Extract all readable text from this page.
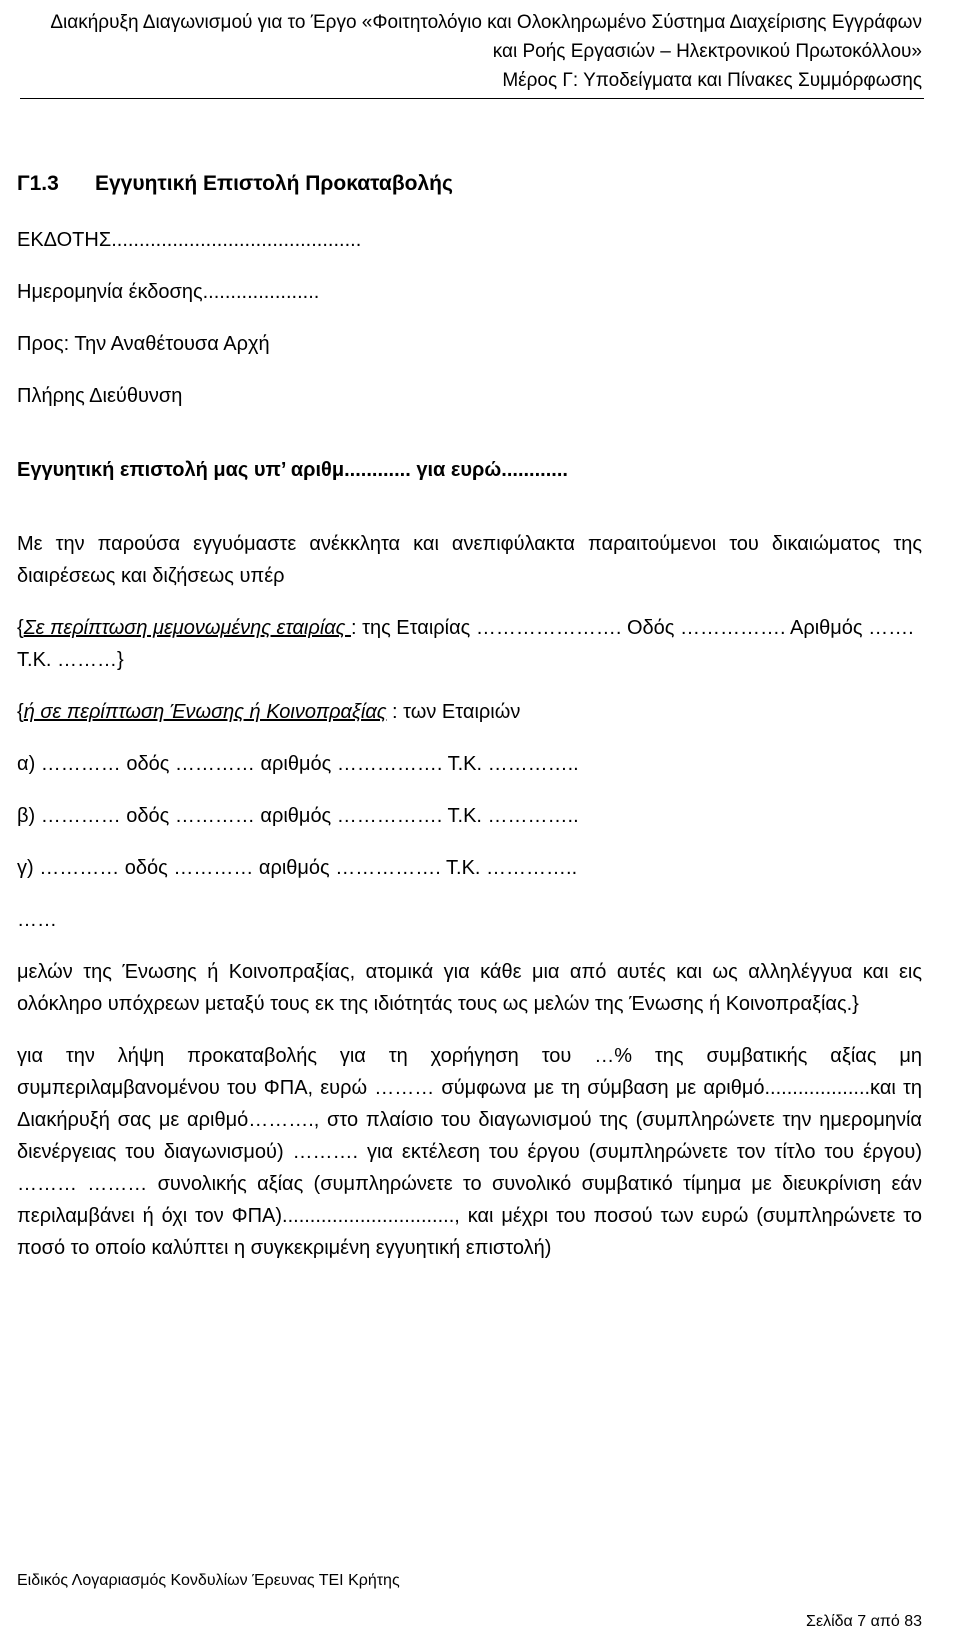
Διακήρυξη Διαγωνισμού για το Έργο «Φοιτητολόγιο και Ολοκληρωμένο Σύστημα Διαχείρισης Εγγράφων
και Ροής Εργασιών – Ηλεκτρονικού Πρωτοκόλλου»
Μέρος Γ: Υποδείγματα και Πίνακες Συμμόρφωσης
Γ1.3 Εγγυητική Επιστολή Προκαταβολής
ΕΚΔΟΤΗΣ.............................................
Ημερομηνία έκδοσης.....................
Προς: Την Αναθέτουσα Αρχή
Πλήρης Διεύθυνση
Εγγυητική επιστολή μας υπ’ αριθμ............ για ευρώ............
Με την παρούσα εγγυόμαστε ανέκκλητα και ανεπιφύλακτα παραιτούμενοι του δικαιώματος της διαιρέσεως και διζήσεως υπέρ
{Σε περίπτωση μεμονωμένης εταιρίας : της Εταιρίας …………………. Οδός ……………. Αριθμός ……. Τ.Κ. ………}
{ή σε περίπτωση Ένωσης ή Κοινοπραξίας : των Εταιριών
α) ………… οδός ………… αριθμός ……………. Τ.Κ. …………..
β) ………… οδός ………… αριθμός ……………. Τ.Κ. …………..
γ) ………… οδός ………… αριθμός ……………. Τ.Κ. …………..
……
μελών της Ένωσης ή Κοινοπραξίας, ατομικά για κάθε μια από αυτές και ως αλληλέγγυα και εις ολόκληρο υπόχρεων μεταξύ τους εκ της ιδιότητάς τους ως μελών της Ένωσης ή Κοινοπραξίας.}
για την λήψη προκαταβολής για τη χορήγηση του …% της συμβατικής αξίας μη συμπεριλαμβανομένου του ΦΠΑ, ευρώ ……… σύμφωνα με τη σύμβαση με αριθμό...................και τη Διακήρυξή σας με αριθμό………., στο πλαίσιο του διαγωνισμού της (συμπληρώνετε την ημερομηνία διενέργειας του διαγωνισμού) ………. για εκτέλεση του έργου (συμπληρώνετε τον τίτλο του έργου) ……… ……… συνολικής αξίας (συμπληρώνετε το συνολικό συμβατικό τίμημα με διευκρίνιση εάν περιλαμβάνει ή όχι τον ΦΠΑ)..............................., και μέχρι του ποσού των ευρώ (συμπληρώνετε το ποσό το οποίο καλύπτει η συγκεκριμένη εγγυητική επιστολή)
Ειδικός Λογαριασμός Κονδυλίων Έρευνας ΤΕΙ Κρήτης
Σελίδα 7 από 83
